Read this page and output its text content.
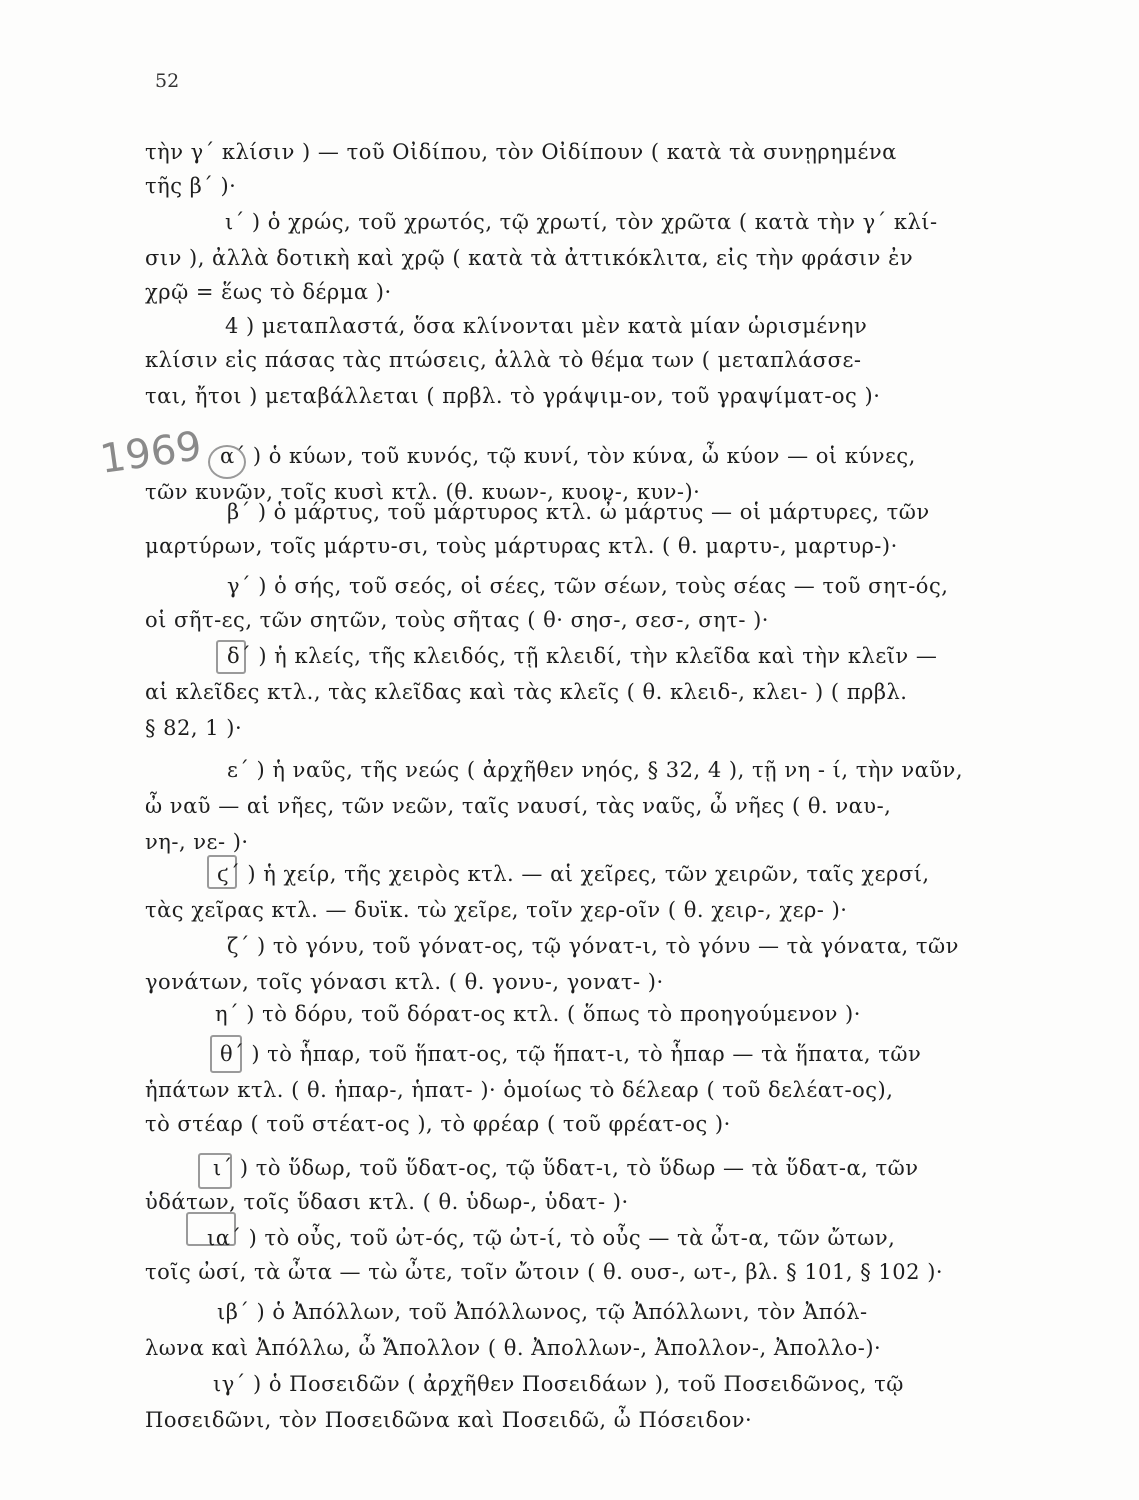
52
1969
τὴν γ΄ κλίσιν ) — τοῦ Οἰδίπου, τὸν Οἰδίπουν ( κατὰ τὰ συνῃρημένα
τῆς β΄ )·
ι΄ ) ὁ χρώς, τοῦ χρωτός, τῷ χρωτί, τὸν χρῶτα ( κατὰ τὴν γ΄ κλί-
σιν ), ἀλλὰ δοτικὴ καὶ χρῷ ( κατὰ τὰ ἀττικόκλιτα, εἰς τὴν φράσιν ἐν
χρῷ = ἕως τὸ δέρμα )·
4 ) μεταπλαστά, ὅσα κλίνονται μὲν κατὰ μίαν ὡρισμένην
κλίσιν εἰς πάσας τὰς πτώσεις, ἀλλὰ τὸ θέμα των ( μεταπλάσσε-
ται, ἤτοι ) μεταβάλλεται ( πρβλ. τὸ γράψιμ-ον, τοῦ γραψίματ-ος )·
α΄ ) ὁ κύων, τοῦ κυνός, τῷ κυνί, τὸν κύνα, ὦ κύον — οἱ κύνες,
τῶν κυνῶν, τοῖς κυσὶ κτλ. (θ. κυων-, κυον-, κυν-)·
β΄ ) ὁ μάρτυς, τοῦ μάρτυρος κτλ. ὦ μάρτυς — οἱ μάρτυρες, τῶν
μαρτύρων, τοῖς μάρτυ-σι, τοὺς μάρτυρας κτλ. ( θ. μαρτυ-, μαρτυρ-)·
γ΄ ) ὁ σής, τοῦ σεός, οἱ σέες, τῶν σέων, τοὺς σέας — τοῦ σητ-ός,
οἱ σῆτ-ες, τῶν σητῶν, τοὺς σῆτας ( θ· σησ-, σεσ-, σητ- )·
δ΄ ) ἡ κλείς, τῆς κλειδός, τῇ κλειδί, τὴν κλεῖδα καὶ τὴν κλεῖν —
αἱ κλεῖδες κτλ., τὰς κλεῖδας καὶ τὰς κλεῖς ( θ. κλειδ-, κλει- ) ( πρβλ.
§ 82, 1 )·
ε΄ ) ἡ ναῦς, τῆς νεώς ( ἀρχῆθεν νηός, § 32, 4 ), τῇ νη - ί, τὴν ναῦν,
ὦ ναῦ — αἱ νῆες, τῶν νεῶν, ταῖς ναυσί, τὰς ναῦς, ὦ νῆες ( θ. ναυ-,
νη-, νε- )·
ϛ΄ ) ἡ χείρ, τῆς χειρὸς κτλ. — αἱ χεῖρες, τῶν χειρῶν, ταῖς χερσί,
τὰς χεῖρας κτλ. — δυϊκ. τὼ χεῖρε, τοῖν χερ-οῖν ( θ. χειρ-, χερ- )·
ζ΄ ) τὸ γόνυ, τοῦ γόνατ-ος, τῷ γόνατ-ι, τὸ γόνυ — τὰ γόνατα, τῶν
γονάτων, τοῖς γόνασι κτλ. ( θ. γονυ-, γονατ- )·
η΄ ) τὸ δόρυ, τοῦ δόρατ-ος κτλ. ( ὅπως τὸ προηγούμενον )·
θ΄ ) τὸ ἧπαρ, τοῦ ἥπατ-ος, τῷ ἥπατ-ι, τὸ ἧπαρ — τὰ ἥπατα, τῶν
ἡπάτων κτλ. ( θ. ἡπαρ-, ἡπατ- )· ὁμοίως τὸ δέλεαρ ( τοῦ δελέατ-ος),
τὸ στέαρ ( τοῦ στέατ-ος ), τὸ φρέαρ ( τοῦ φρέατ-ος )·
ι΄ ) τὸ ὕδωρ, τοῦ ὕδατ-ος, τῷ ὕδατ-ι, τὸ ὕδωρ — τὰ ὕδατ-α, τῶν
ὑδάτων, τοῖς ὕδασι κτλ. ( θ. ὑδωρ-, ὑδατ- )·
ια΄ ) τὸ οὖς, τοῦ ὠτ-ός, τῷ ὠτ-ί, τὸ οὖς — τὰ ὦτ-α, τῶν ὤτων,
τοῖς ὠσί, τὰ ὦτα — τὼ ὦτε, τοῖν ὤτοιν ( θ. ουσ-, ωτ-, βλ. § 101, § 102 )·
ιβ΄ ) ὁ Ἀπόλλων, τοῦ Ἀπόλλωνος, τῷ Ἀπόλλωνι, τὸν Ἀπόλ-
λωνα καὶ Ἀπόλλω, ὦ Ἄπολλον ( θ. Ἀπολλων-, Ἀπολλον-, Ἀπολλο-)·
ιγ΄ ) ὁ Ποσειδῶν ( ἀρχῆθεν Ποσειδάων ), τοῦ Ποσειδῶνος, τῷ
Ποσειδῶνι, τὸν Ποσειδῶνα καὶ Ποσειδῶ, ὦ Πόσειδον·
